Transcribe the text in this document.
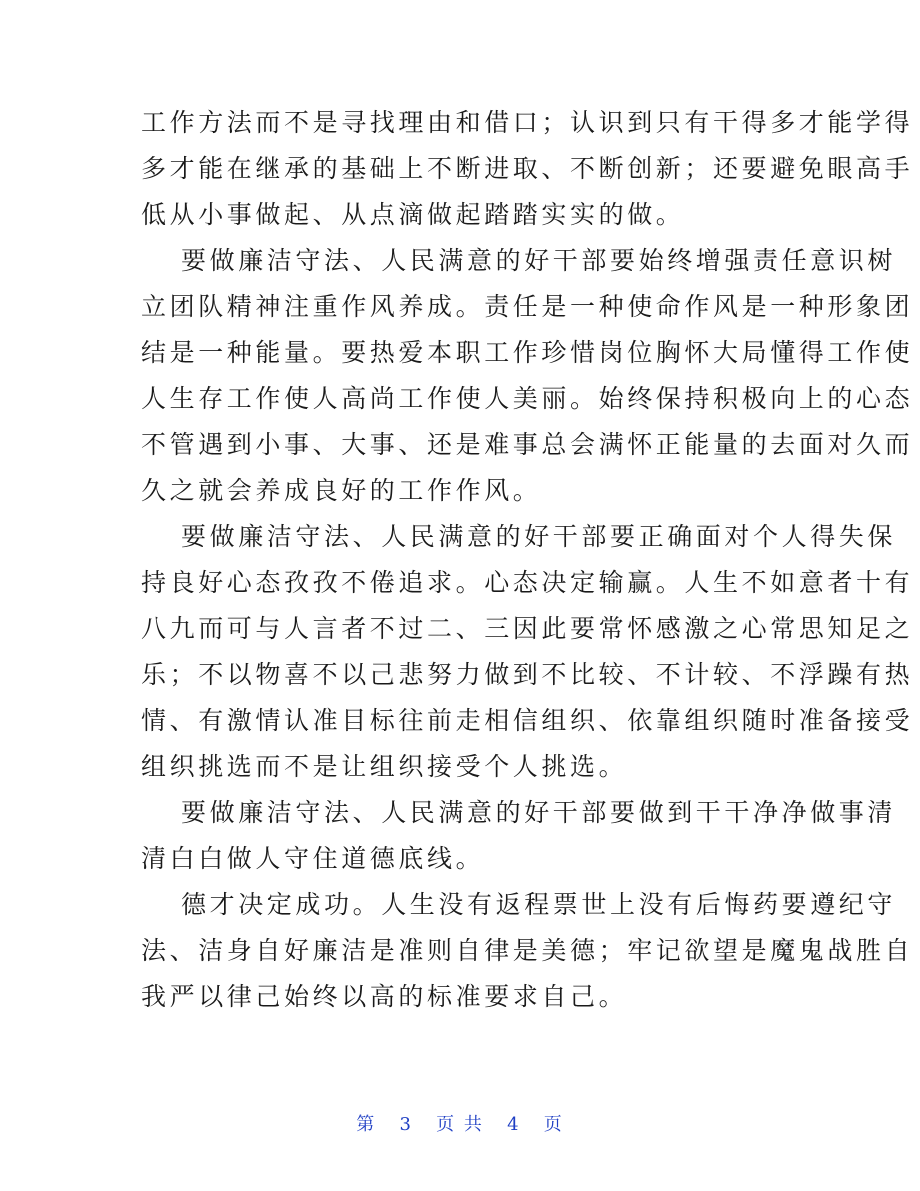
工作方法而不是寻找理由和借口；认识到只有干得多才能学得
多才能在继承的基础上不断进取、不断创新；还要避免眼高手
低从小事做起、从点滴做起踏踏实实的做。
要做廉洁守法、人民满意的好干部要始终增强责任意识树
立团队精神注重作风养成。责任是一种使命作风是一种形象团
结是一种能量。要热爱本职工作珍惜岗位胸怀大局懂得工作使
人生存工作使人高尚工作使人美丽。始终保持积极向上的心态
不管遇到小事、大事、还是难事总会满怀正能量的去面对久而
久之就会养成良好的工作作风。
要做廉洁守法、人民满意的好干部要正确面对个人得失保
持良好心态孜孜不倦追求。心态决定输赢。人生不如意者十有
八九而可与人言者不过二、三因此要常怀感激之心常思知足之
乐；不以物喜不以己悲努力做到不比较、不计较、不浮躁有热
情、有激情认准目标往前走相信组织、依靠组织随时准备接受
组织挑选而不是让组织接受个人挑选。
要做廉洁守法、人民满意的好干部要做到干干净净做事清
清白白做人守住道德底线。
德才决定成功。人生没有返程票世上没有后悔药要遵纪守
法、洁身自好廉洁是准则自律是美德；牢记欲望是魔鬼战胜自
我严以律己始终以高的标准要求自己。
第 3 页 共 4 页
